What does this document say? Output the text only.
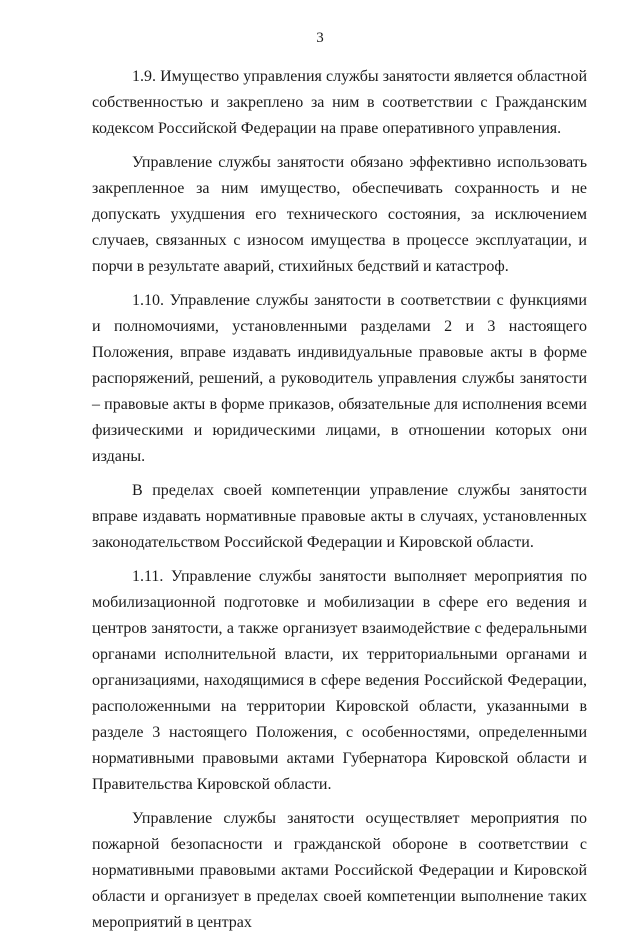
3

1.9. Имущество управления службы занятости является областной собственностью и закреплено за ним в соответствии с Гражданским кодексом Российской Федерации на праве оперативного управления.

Управление службы занятости обязано эффективно использовать закрепленное за ним имущество, обеспечивать сохранность и не допускать ухудшения его технического состояния, за исключением случаев, связанных с износом имущества в процессе эксплуатации, и порчи в результате аварий, стихийных бедствий и катастроф.

1.10. Управление службы занятости в соответствии с функциями и полномочиями, установленными разделами 2 и 3 настоящего Положения, вправе издавать индивидуальные правовые акты в форме распоряжений, решений, а руководитель управления службы занятости – правовые акты в форме приказов, обязательные для исполнения всеми физическими и юридическими лицами, в отношении которых они изданы.

В пределах своей компетенции управление службы занятости вправе издавать нормативные правовые акты в случаях, установленных законодательством Российской Федерации и Кировской области.

1.11. Управление службы занятости выполняет мероприятия по мобилизационной подготовке и мобилизации в сфере его ведения и центров занятости, а также организует взаимодействие с федеральными органами исполнительной власти, их территориальными органами и организациями, находящимися в сфере ведения Российской Федерации, расположенными на территории Кировской области, указанными в разделе 3 настоящего Положения, с особенностями, определенными нормативными правовыми актами Губернатора Кировской области и Правительства Кировской области.

Управление службы занятости осуществляет мероприятия по пожарной безопасности и гражданской обороне в соответствии с нормативными правовыми актами Российской Федерации и Кировской области и организует в пределах своей компетенции выполнение таких мероприятий в центрах
